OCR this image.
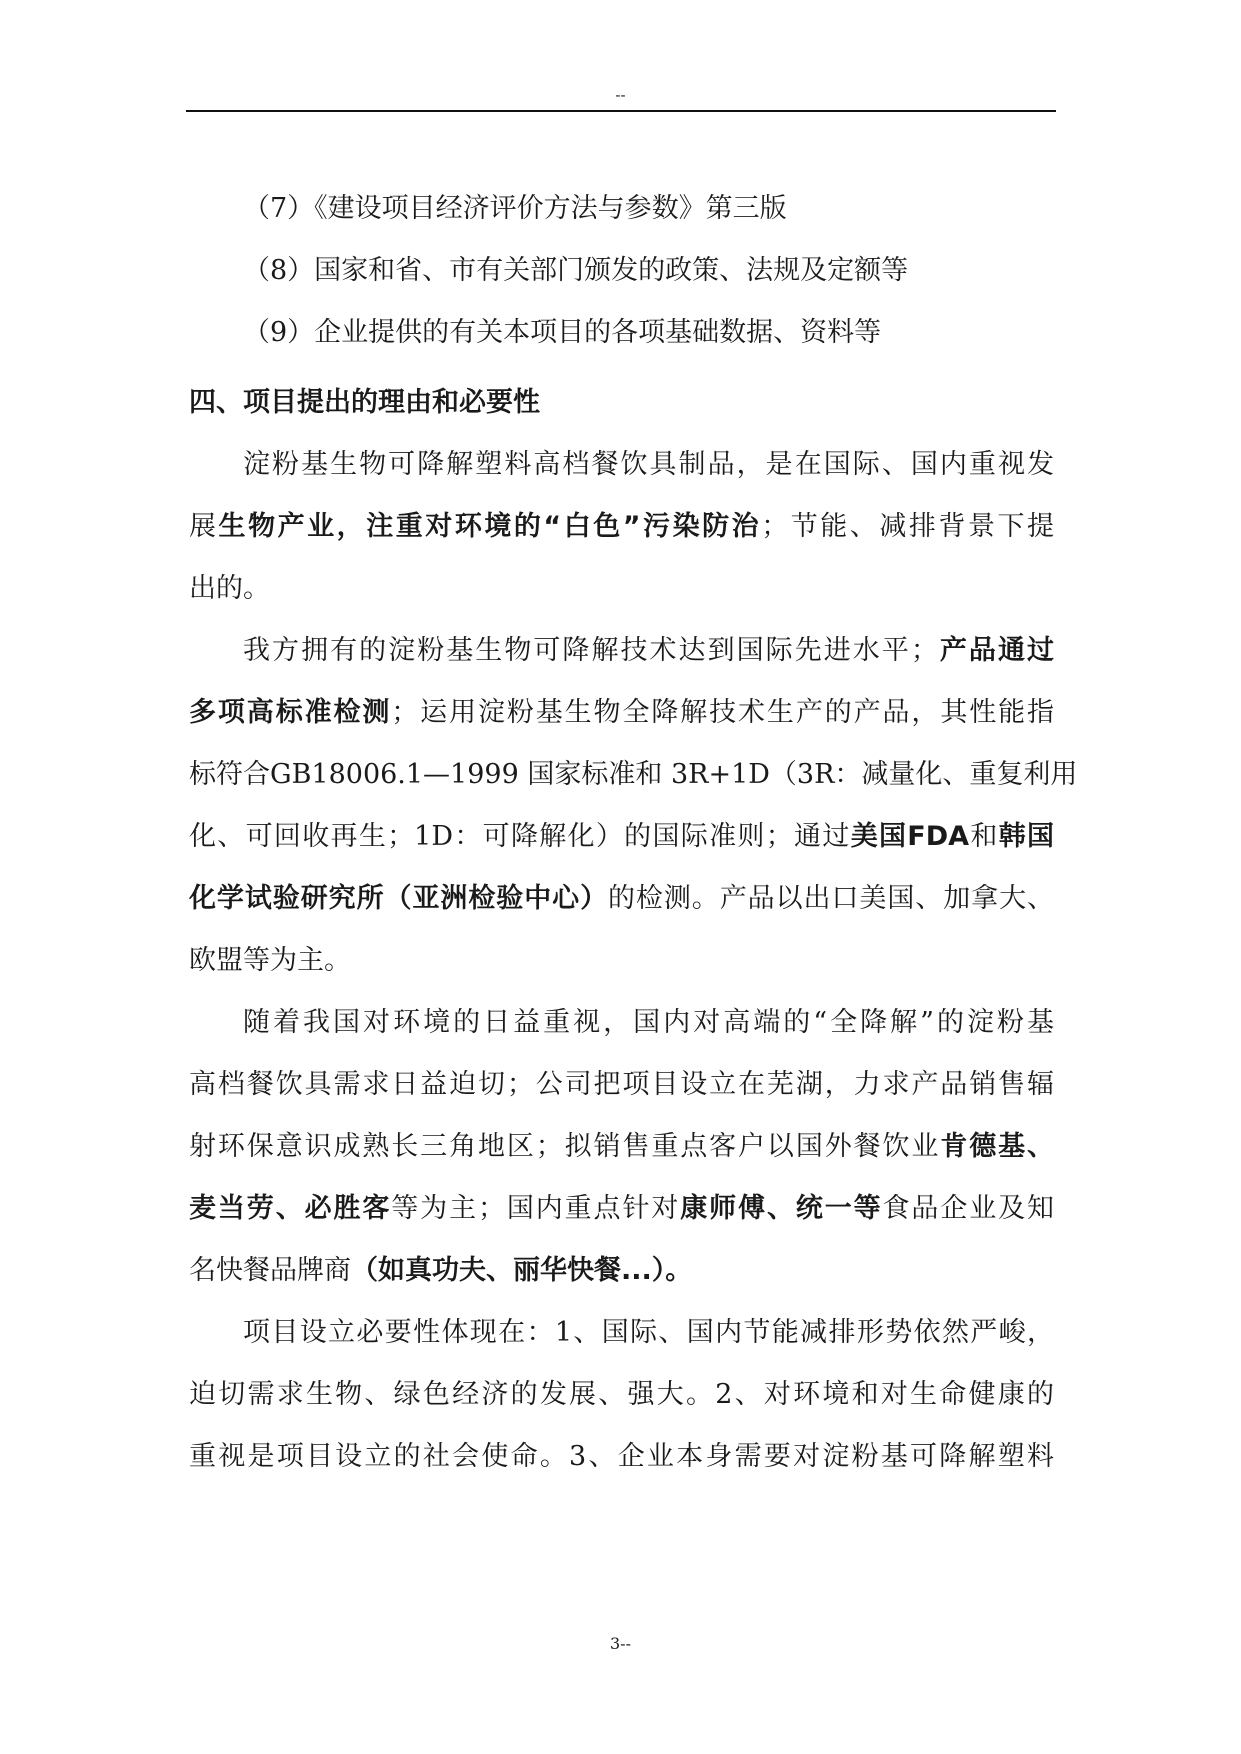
--
（7）《建设项目经济评价方法与参数》第三版
（8）国家和省、市有关部门颁发的政策、法规及定额等
（9）企业提供的有关本项目的各项基础数据、资料等
四、项目提出的理由和必要性
淀粉基生物可降解塑料高档餐饮具制品，是在国际、国内重视发
展生物产业，注重对环境的“白色”污染防治；节能、减排背景下提
出的。
我方拥有的淀粉基生物可降解技术达到国际先进水平；产品通过
多项高标准检测；运用淀粉基生物全降解技术生产的产品，其性能指
标符合GB18006.1—1999 国家标准和 3R+1D（3R：减量化、重复利用
化、可回收再生；1D：可降解化）的国际准则；通过美国FDA和韩国
化学试验研究所（亚洲检验中心）的检测。产品以出口美国、加拿大、
欧盟等为主。
随着我国对环境的日益重视，国内对高端的“全降解”的淀粉基
高档餐饮具需求日益迫切；公司把项目设立在芜湖，力求产品销售辐
射环保意识成熟长三角地区；拟销售重点客户以国外餐饮业肯德基、
麦当劳、必胜客等为主；国内重点针对康师傅、统一等食品企业及知
名快餐品牌商（如真功夫、丽华快餐...）。
项目设立必要性体现在：1、国际、国内节能减排形势依然严峻，
迫切需求生物、绿色经济的发展、强大。2、对环境和对生命健康的
重视是项目设立的社会使命。3、企业本身需要对淀粉基可降解塑料
3--
